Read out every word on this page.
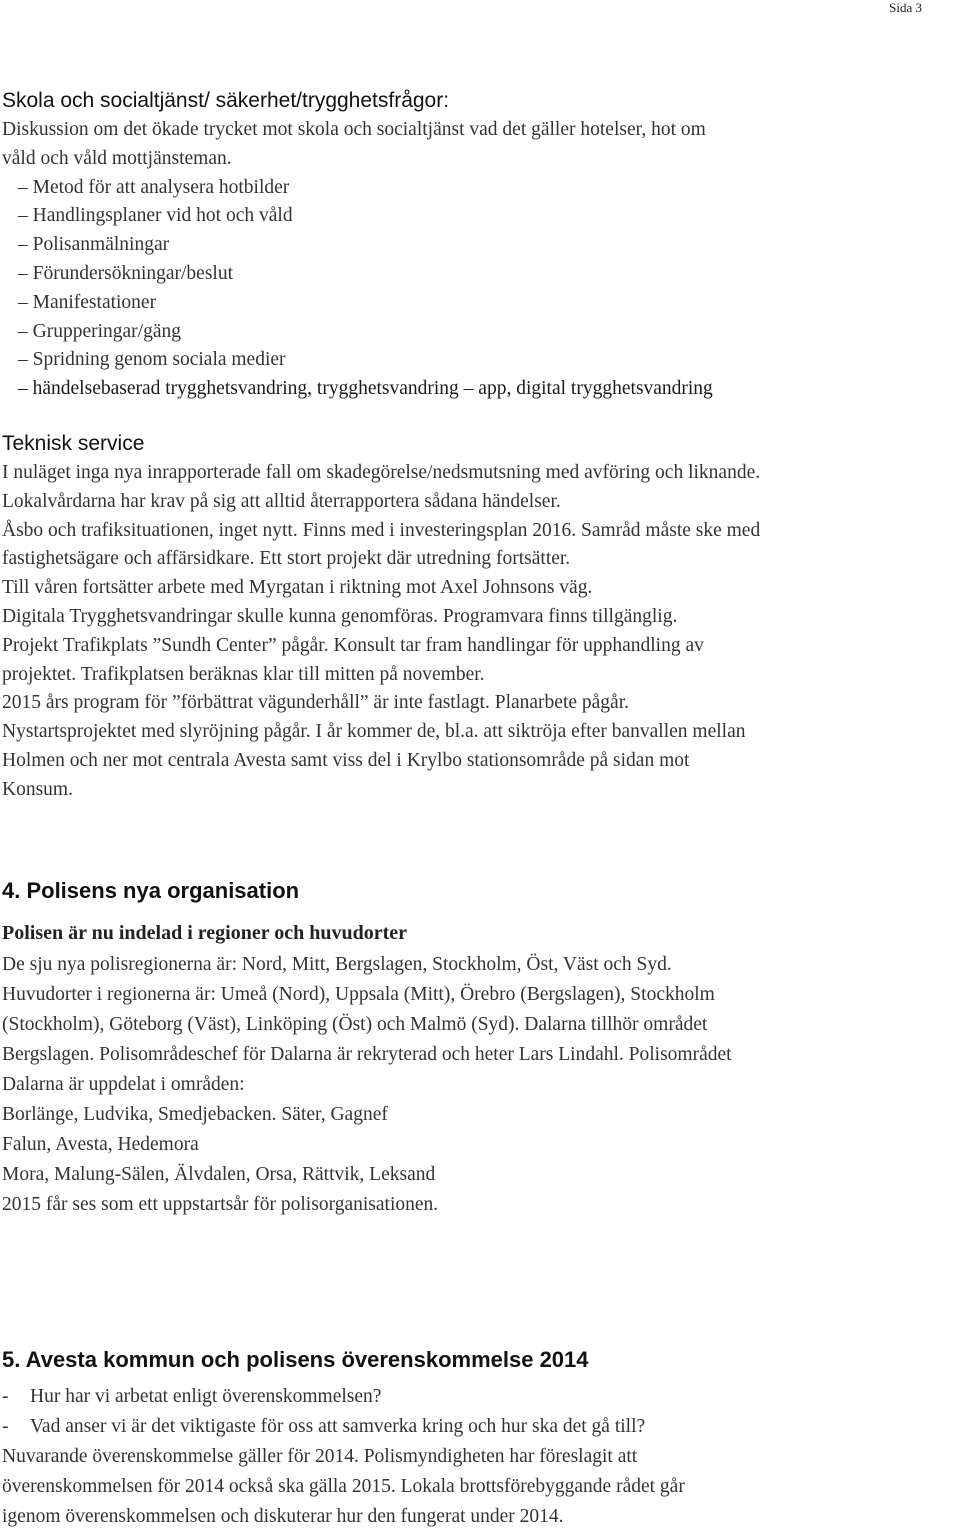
Sida 3

Skola och socialtjänst/ säkerhet/trygghetsfrågor:

Diskussion om det ökade trycket mot skola och socialtjänst vad det gäller hotelser, hot om

våld och våld mottjänsteman.

– Metod för att analysera hotbilder

– Handlingsplaner vid hot och våld

– Polisanmälningar

– Förundersökningar/beslut

– Manifestationer

– Grupperingar/gäng

– Spridning genom sociala medier

– händelsebaserad trygghetsvandring, trygghetsvandring – app, digital trygghetsvandring

Teknisk service

I nuläget inga nya inrapporterade fall om skadegörelse/nedsmutsning med avföring och liknande.

Lokalvårdarna har krav på sig att alltid återrapportera sådana händelser.

Åsbo och trafiksituationen, inget nytt. Finns med i investeringsplan 2016. Samråd måste ske med

fastighetsägare och affärsidkare. Ett stort projekt där utredning fortsätter.

Till våren fortsätter arbete med Myrgatan i riktning mot Axel Johnsons väg.

Digitala Trygghetsvandringar skulle kunna genomföras. Programvara finns tillgänglig.

Projekt Trafikplats ”Sundh Center” pågår. Konsult tar fram handlingar för upphandling av

projektet. Trafikplatsen beräknas klar till mitten på november.

2015 års program för ”förbättrat vägunderhåll” är inte fastlagt. Planarbete pågår.

Nystartsprojektet med slyröjning pågår. I år kommer de, bl.a. att siktröja efter banvallen mellan

Holmen och ner mot centrala Avesta samt viss del i Krylbo stationsområde på sidan mot

Konsum.

4. Polisens nya organisation

Polisen är nu indelad i regioner och huvudorter

De sju nya polisregionerna är: Nord, Mitt, Bergslagen, Stockholm, Öst, Väst och Syd.

Huvudorter i regionerna är: Umeå (Nord), Uppsala (Mitt), Örebro (Bergslagen), Stockholm

(Stockholm), Göteborg (Väst), Linköping (Öst) och Malmö (Syd). Dalarna tillhör området

Bergslagen. Polisområdeschef för Dalarna är rekryterad och heter Lars Lindahl. Polisområdet

Dalarna är uppdelat i områden:

Borlänge, Ludvika, Smedjebacken. Säter, Gagnef

Falun, Avesta, Hedemora

Mora, Malung-Sälen, Älvdalen, Orsa, Rättvik, Leksand

2015 får ses som ett uppstartsår för polisorganisationen.

5. Avesta kommun och polisens överenskommelse 2014

-	Hur har vi arbetat enligt överenskommelsen?
-	Vad anser vi är det viktigaste för oss att samverka kring och hur ska det gå till?

Nuvarande överenskommelse gäller för 2014. Polismyndigheten har föreslagit att

överenskommelsen för 2014 också ska gälla 2015. Lokala brottsförebyggande rådet går

igenom överenskommelsen och diskuterar hur den fungerat under 2014.
